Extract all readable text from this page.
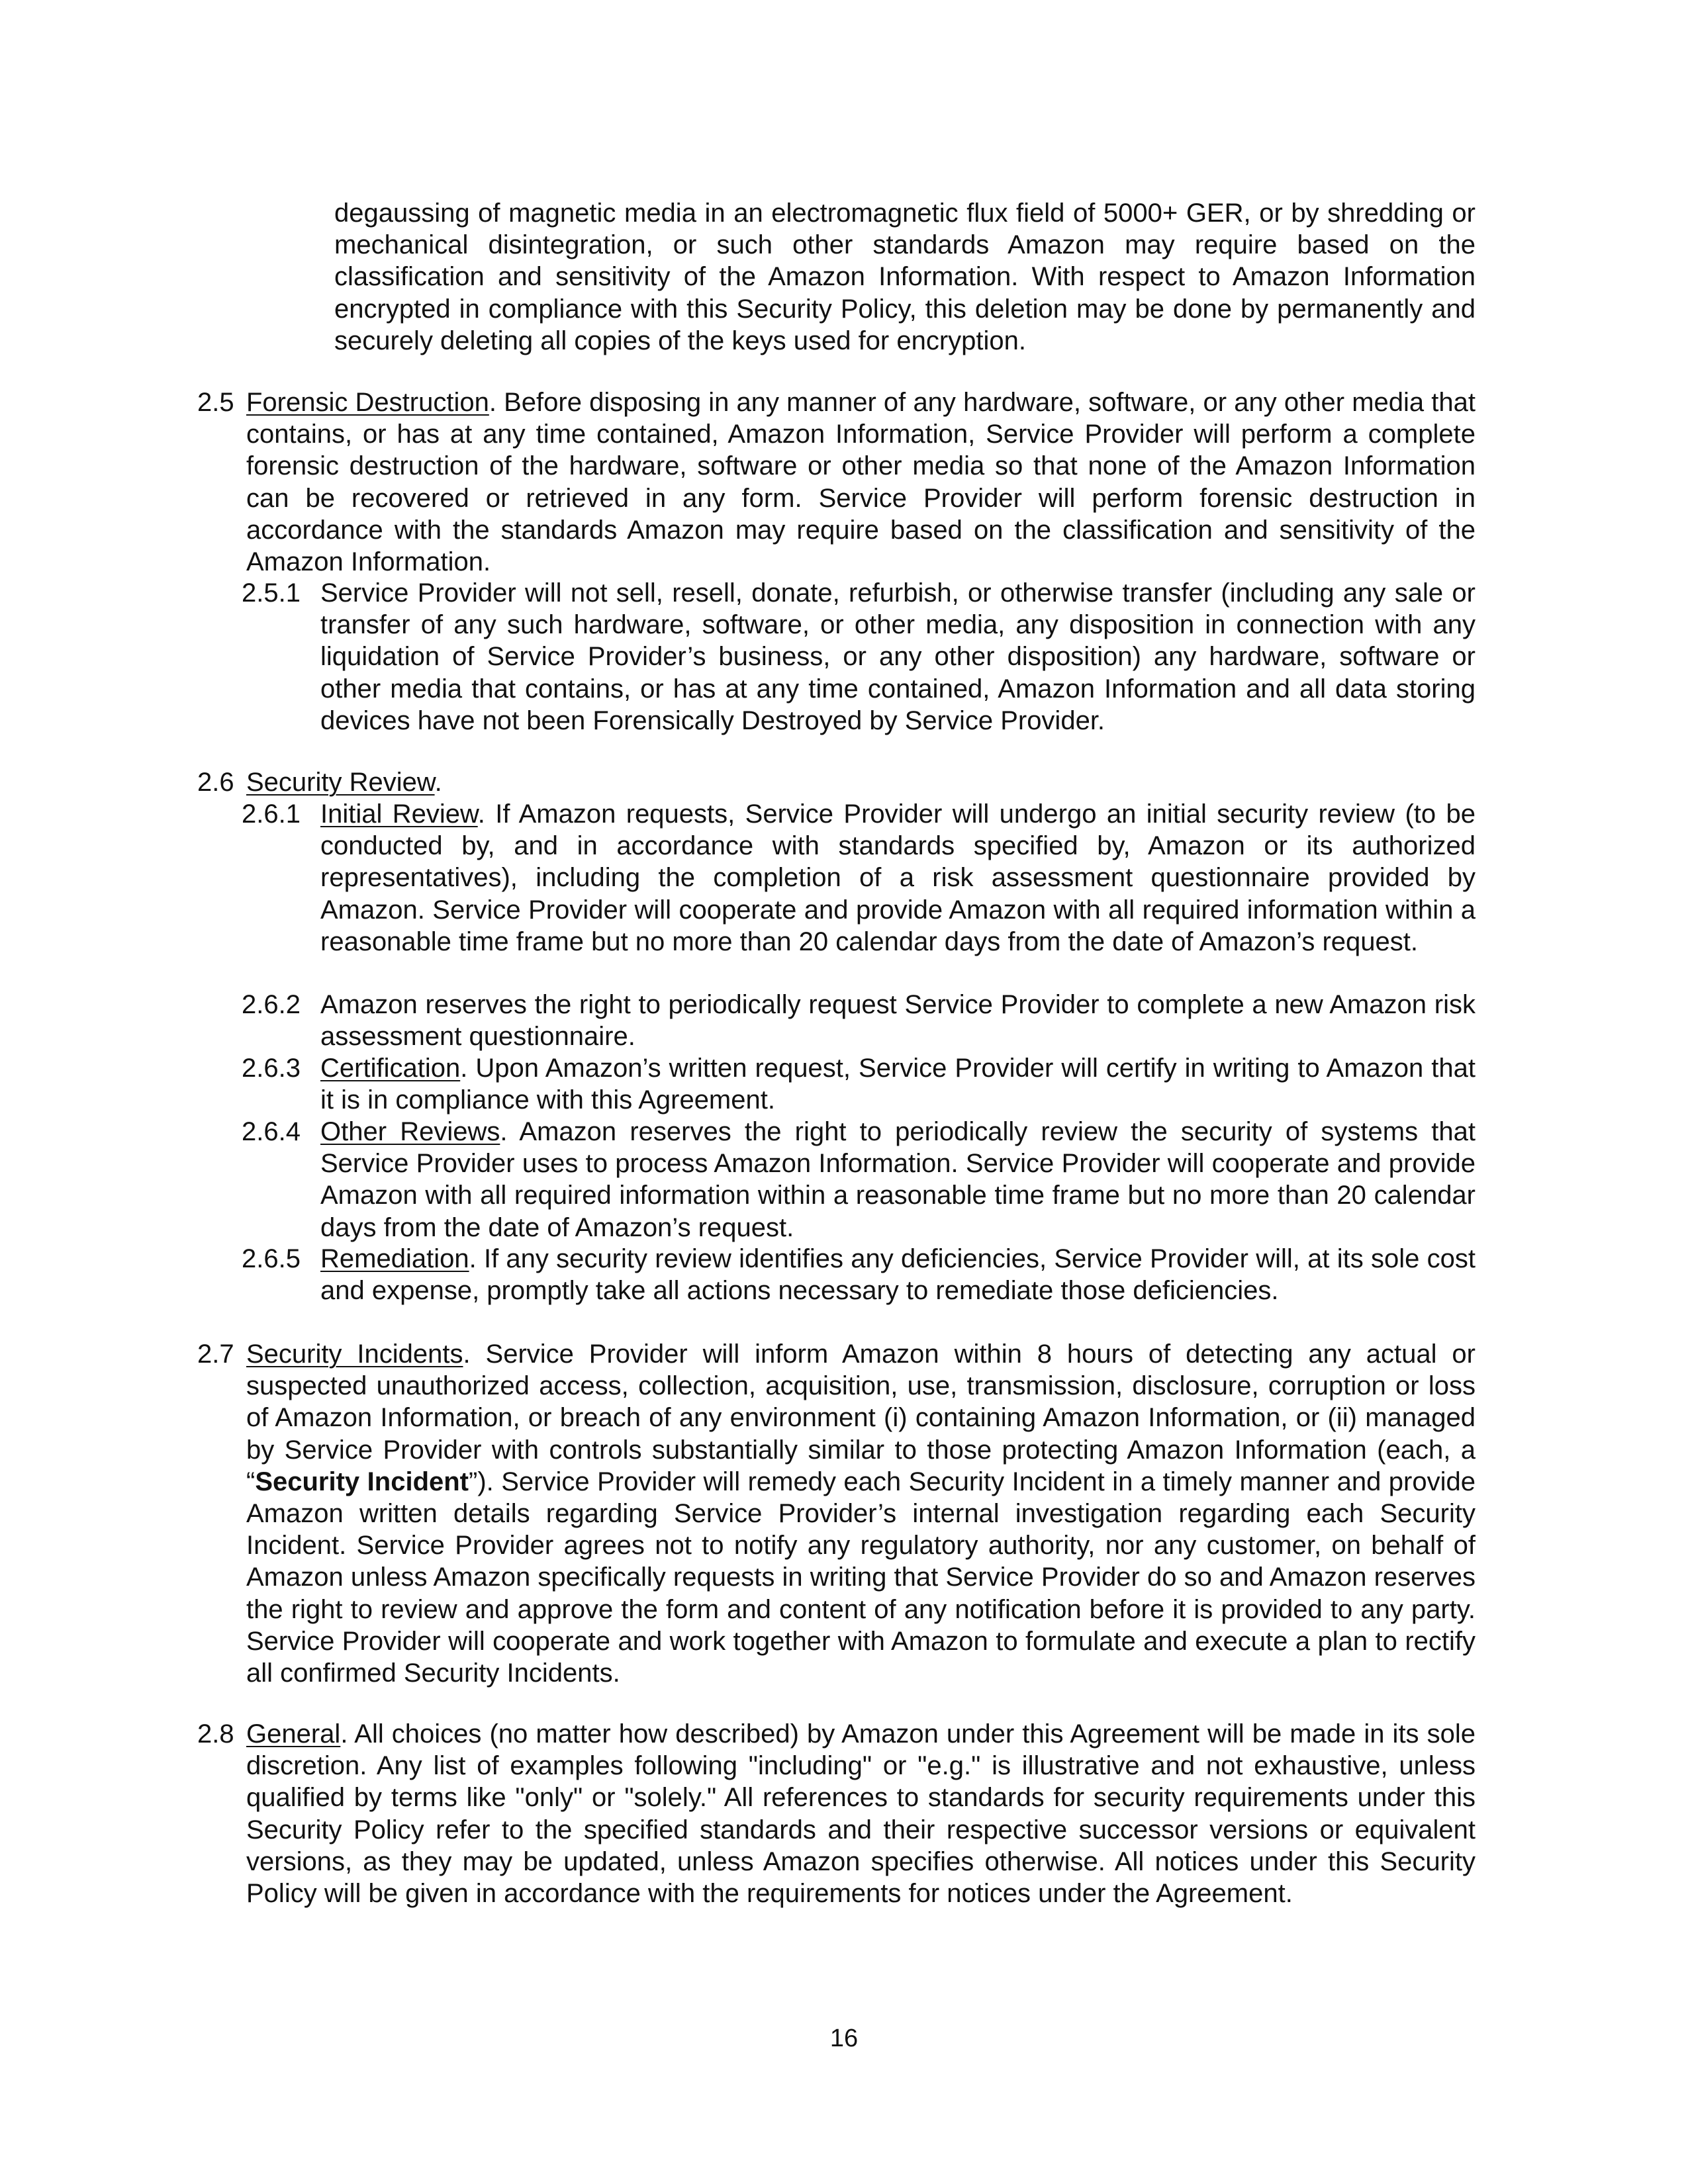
degaussing of magnetic media in an electromagnetic flux field of 5000+ GER, or by shredding or mechanical disintegration, or such other standards Amazon may require based on the classification and sensitivity of the Amazon Information. With respect to Amazon Information encrypted in compliance with this Security Policy, this deletion may be done by permanently and securely deleting all copies of the keys used for encryption.

2.5 Forensic Destruction. Before disposing in any manner of any hardware, software, or any other media that contains, or has at any time contained, Amazon Information, Service Provider will perform a complete forensic destruction of the hardware, software or other media so that none of the Amazon Information can be recovered or retrieved in any form. Service Provider will perform forensic destruction in accordance with the standards Amazon may require based on the classification and sensitivity of the Amazon Information.

2.5.1 Service Provider will not sell, resell, donate, refurbish, or otherwise transfer (including any sale or transfer of any such hardware, software, or other media, any disposition in connection with any liquidation of Service Provider’s business, or any other disposition) any hardware, software or other media that contains, or has at any time contained, Amazon Information and all data storing devices have not been Forensically Destroyed by Service Provider.

2.6 Security Review.

2.6.1 Initial Review. If Amazon requests, Service Provider will undergo an initial security review (to be conducted by, and in accordance with standards specified by, Amazon or its authorized representatives), including the completion of a risk assessment questionnaire provided by Amazon. Service Provider will cooperate and provide Amazon with all required information within a reasonable time frame but no more than 20 calendar days from the date of Amazon’s request.

2.6.2 Amazon reserves the right to periodically request Service Provider to complete a new Amazon risk assessment questionnaire.

2.6.3 Certification. Upon Amazon’s written request, Service Provider will certify in writing to Amazon that it is in compliance with this Agreement.

2.6.4 Other Reviews. Amazon reserves the right to periodically review the security of systems that Service Provider uses to process Amazon Information. Service Provider will cooperate and provide Amazon with all required information within a reasonable time frame but no more than 20 calendar days from the date of Amazon’s request.

2.6.5 Remediation. If any security review identifies any deficiencies, Service Provider will, at its sole cost and expense, promptly take all actions necessary to remediate those deficiencies.

2.7 Security Incidents. Service Provider will inform Amazon within 8 hours of detecting any actual or suspected unauthorized access, collection, acquisition, use, transmission, disclosure, corruption or loss of Amazon Information, or breach of any environment (i) containing Amazon Information, or (ii) managed by Service Provider with controls substantially similar to those protecting Amazon Information (each, a “Security Incident”). Service Provider will remedy each Security Incident in a timely manner and provide Amazon written details regarding Service Provider’s internal investigation regarding each Security Incident. Service Provider agrees not to notify any regulatory authority, nor any customer, on behalf of Amazon unless Amazon specifically requests in writing that Service Provider do so and Amazon reserves the right to review and approve the form and content of any notification before it is provided to any party. Service Provider will cooperate and work together with Amazon to formulate and execute a plan to rectify all confirmed Security Incidents.

2.8 General. All choices (no matter how described) by Amazon under this Agreement will be made in its sole discretion. Any list of examples following "including" or "e.g." is illustrative and not exhaustive, unless qualified by terms like "only" or "solely." All references to standards for security requirements under this Security Policy refer to the specified standards and their respective successor versions or equivalent versions, as they may be updated, unless Amazon specifies otherwise. All notices under this Security Policy will be given in accordance with the requirements for notices under the Agreement.

16
